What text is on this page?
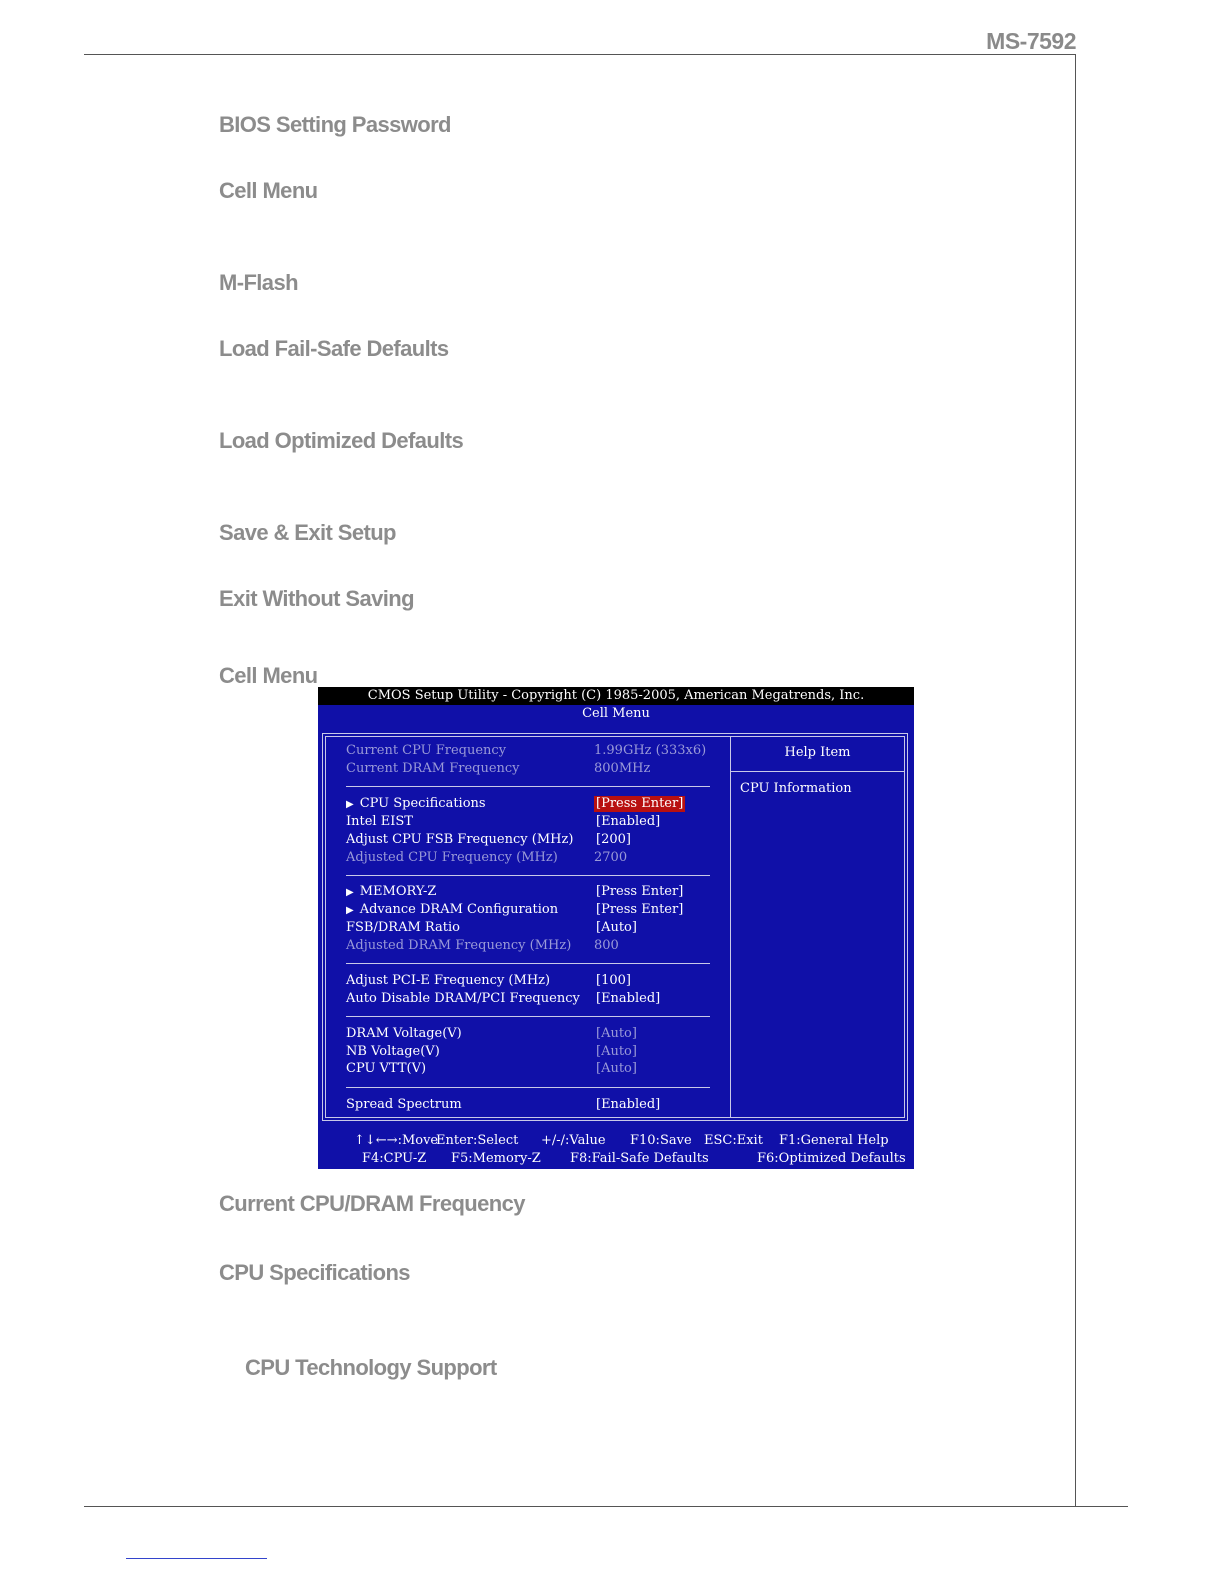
MS-7592
BIOS Setting Password
Cell Menu
M-Flash
Load Fail-Safe Defaults
Load Optimized Defaults
Save & Exit Setup
Exit Without Saving
Cell Menu
CMOS Setup Utility - Copyright (C) 1985-2005, American Megatrends, Inc.
Cell Menu
Help Item
CPU Information
Current CPU Frequency	1.99GHz (333x6)
Current DRAM Frequency	800MHz
▶ CPU Specifications	[Press Enter]
Intel EIST	[Enabled]
Adjust CPU FSB Frequency (MHz) [200]
Adjusted CPU Frequency (MHz)	2700
▶ MEMORY-Z	[Press Enter]
▶ Advance DRAM Configuration	[Press Enter]
FSB/DRAM Ratio	[Auto]
Adjusted DRAM Frequency (MHz) 800
Adjust PCI-E Frequency (MHz)	[100]
Auto Disable DRAM/PCI Frequency [Enabled]
DRAM Voltage(V)	[Auto]
NB Voltage(V)	[Auto]
CPU VTT(V)	[Auto]
Spread Spectrum	[Enabled]
↑↓←→:Move
Enter:Select +/-/:Value F10:Save ESC:Exit F1:General Help
F4:CPU-Z F5:Memory-Z F8:Fail-Safe Defaults	F6:Optimized Defaults
Current CPU/DRAM Frequency
CPU Specifications
CPU Technology Support
